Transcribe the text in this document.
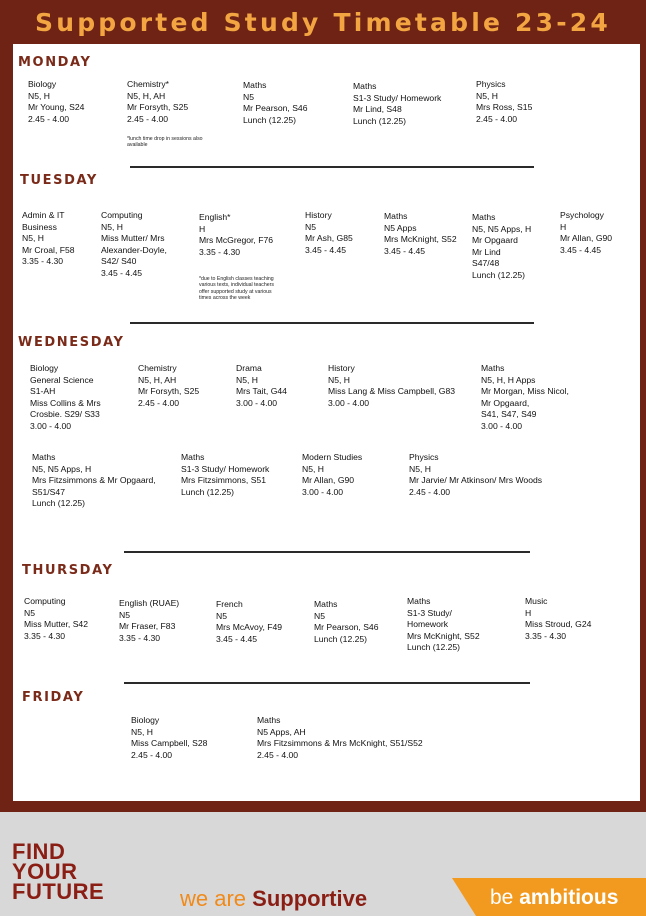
Supported Study Timetable 23-24
MONDAY
TUESDAY
WEDNESDAY
THURSDAY
FRIDAY
Biology
N5, H
Mr Young, S24
2.45 - 4.00
Chemistry*
N5, H, AH
Mr Forsyth, S25
2.45 - 4.00
*lunch time drop in sessions also
available
Maths
N5
Mr Pearson, S46
Lunch (12.25)
Maths
S1-3 Study/ Homework
Mr Lind, S48
Lunch (12.25)
Physics
N5, H
Mrs Ross, S15
2.45 - 4.00
Admin & IT
Business
N5, H
Mr Croal, F58
3.35 - 4.30
Computing
N5, H
Miss Mutter/ Mrs
Alexander-Doyle,
S42/ S40
3.45 - 4.45
English*
H
Mrs McGregor, F76
3.35 - 4.30
*due to English classes teaching
various texts, individual teachers
offer supported study at various
times across the week
History
N5
Mr Ash, G85
3.45 - 4.45
Maths
N5 Apps
Mrs McKnight, S52
3.45 - 4.45
Maths
N5, N5 Apps, H
Mr Opgaard
Mr Lind
S47/48
Lunch (12.25)
Psychology
H
Mr Allan, G90
3.45 - 4.45
Biology
General Science
S1-AH
Miss Collins & Mrs
Crosbie. S29/ S33
3.00 - 4.00
Chemistry
N5, H, AH
Mr Forsyth, S25
2.45 - 4.00
Drama
N5, H
Mrs Tait, G44
3.00 - 4.00
History
N5, H
Miss Lang & Miss Campbell, G83
3.00 - 4.00
Maths
N5, H, H Apps
Mr Morgan, Miss Nicol,
Mr Opgaard,
S41, S47, S49
3.00 - 4.00
Maths
N5, N5 Apps, H
Mrs Fitzsimmons & Mr Opgaard,
S51/S47
Lunch (12.25)
Maths
S1-3 Study/ Homework
Mrs Fitzsimmons, S51
Lunch (12.25)
Modern Studies
N5, H
Mr Allan, G90
3.00 - 4.00
Physics
N5, H
Mr Jarvie/ Mr Atkinson/ Mrs Woods
2.45 - 4.00
Computing
N5
Miss Mutter, S42
3.35 - 4.30
English (RUAE)
N5
Mr Fraser, F83
3.35 - 4.30
French
N5
Mrs McAvoy, F49
3.45 - 4.45
Maths
N5
Mr Pearson, S46
Lunch (12.25)
Maths
S1-3 Study/
Homework
Mrs McKnight, S52
Lunch (12.25)
Music
H
Miss Stroud, G24
3.35 - 4.30
Biology
N5, H
Miss Campbell, S28
2.45 - 4.00
Maths
N5 Apps, AH
Mrs Fitzsimmons & Mrs McKnight, S51/S52
2.45 - 4.00
FIND
YOUR
FUTURE	we are Supportive	be ambitious
